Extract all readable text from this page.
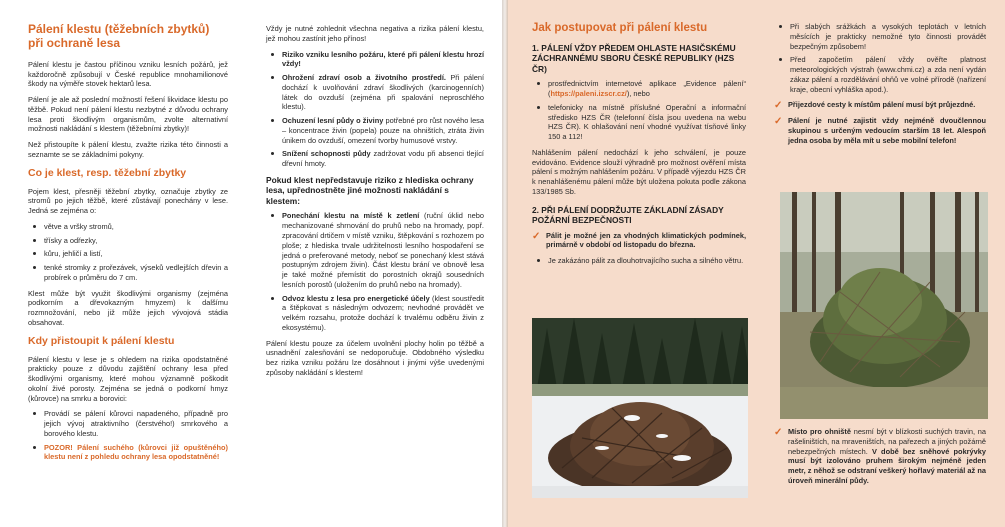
Pálení klestu (těžebních zbytků) při ochraně lesa

Pálení klestu je častou příčinou vzniku lesních požárů, jež každoročně způsobují v České republice mnohamilionové škody na výměře stovek hektarů lesa.

Pálení je ale až poslední možností řešení likvidace klestu po těžbě. Pokud není pálení klestu nezbytné z důvodu ochrany lesa proti škodlivým organismům, zvolte alternativní možnosti nakládání s klestem (těžebními zbytky)!

Než přistoupíte k pálení klestu, zvažte rizika této činnosti a seznamte se se základními pokyny.

Co je klest, resp. těžební zbytky

Pojem klest, přesněji těžební zbytky, označuje zbytky ze stromů po jejich těžbě, které zůstávají ponechány v lese. Jedná se zejména o:

větve a vršky stromů,
třísky a odřezky,
kůru, jehličí a listí,
tenké stromky z prořezávek, výseků vedlejších dřevin a probírek o průměru do 7 cm.

Klest může být využit škodlivými organismy (zejména podkorním a dřevokazným hmyzem) k dalšímu rozmnožování, nebo již může jejich vývojová stádia obsahovat.

Kdy přistoupit k pálení klestu

Pálení klestu v lese je s ohledem na rizika opodstatněné prakticky pouze z důvodu zajištění ochrany lesa před škodlivými organismy, které mohou významně poškodit okolní živé porosty. Zejména se jedná o podkorní hmyz (kůrovce) na smrku a borovici:

Provádí se pálení kůrovci napadeného, případně pro jejich vývoj atraktivního (čerstvého!) smrkového a borového klestu.
POZOR! Pálení suchého (kůrovci již opuštěného) klestu není z pohledu ochrany lesa opodstatněné!

Vždy je nutné zohlednit všechna negativa a rizika pálení klestu, jež mohou zastínit jeho přínos!

Riziko vzniku lesního požáru, které při pálení klestu hrozí vždy!
Ohrožení zdraví osob a životního prostředí. Při pálení dochází k uvolňování zdraví škodlivých (karcinogenních) látek do ovzduší (zejména při spalování neproschlého klestu).
Ochuzení lesní půdy o živiny potřebné pro růst nového lesa – koncentrace živin (popela) pouze na ohništích, ztráta živin únikem do ovzduší, omezení tvorby humusové vrstvy.
Snížení schopnosti půdy zadržovat vodu při absenci tlející dřevní hmoty.
Pokud klest nepředstavuje riziko z hlediska ochrany lesa, upřednostněte jiné možnosti nakládání s klestem:
Ponechání klestu na místě k zetlení (ruční úklid nebo mechanizované shrnování do pruhů nebo na hromady, popř. zpracování drtičem v místě vzniku, štěpkování s rozhozem po ploše; z hlediska trvale udržitelnosti lesního hospodaření se jedná o preferované metody, neboť se ponechaný klest stává postupným zdrojem živin). Část klestu brání ve obnově lesa je také možné přemístit do porostních okrajů sousedních lesních porostů (uložením do pruhů nebo na hromady).
Odvoz klestu z lesa pro energetické účely (klest soustředit a štěpkovat s následným odvozem; nevhodné provádět ve velkém rozsahu, protože dochází k trvalému odběru živin z ekosystému).

Pálení klestu pouze za účelem uvolnění plochy holin po těžbě a usnadnění zalesňování se nedoporučuje. Obdobného výsledku bez rizika vzniku požáru lze dosáhnout i jinými výše uvedenými způsoby nakládání s klestem!

Jak postupovat při pálení klestu
1. PÁLENÍ VŽDY PŘEDEM OHLASTE HASIČSKÉMU ZÁCHRANNÉMU SBORU ČESKÉ REPUBLIKY (HZS ČR)
prostřednictvím internetové aplikace „Evidence pálení“ (https://paleni.izscr.cz/), nebo
telefonicky na místně příslušné Operační a informační středisko HZS ČR (telefonní čísla jsou uvedena na webu HZS ČR). K ohlašování není vhodné využívat tísňové linky 150 a 112!

Nahlášením pálení nedochází k jeho schválení, je pouze evidováno. Evidence slouží výhradně pro možnost ověření místa pálení s možným nahlášením požáru. V případě výjezdu HZS ČR k nenahlášenému pálení může být uložena pokuta podle zákona 133/1985 Sb.

2. PŘI PÁLENÍ DODRŽUJTE ZÁKLADNÍ ZÁSADY POŽÁRNÍ BEZPEČNOSTI
✓ Pálit je možné jen za vhodných klimatických podmínek, primárně v období od listopadu do března.
Je zakázáno pálit za dlouhotrvajícího sucha a silného větru.
Při slabých srážkách a vysokých teplotách v letních měsících je prakticky nemožné tyto činnosti provádět bezpečným způsobem!
Před započetím pálení vždy ověřte platnost meteorologických výstrah (www.chmi.cz) a zda není vydán zákaz pálení a rozdělávání ohňů ve volné přírodě (nařízení kraje, obecní vyhláška apod.).
✓ Přijezdové cesty k místům pálení musí být průjezdné.
✓ Pálení je nutné zajistit vždy nejméně dvoučlennou skupinou s určeným vedoucím starším 18 let. Alespoň jedna osoba by měla mít u sebe mobilní telefon!
✓ Místo pro ohniště nesmí být v blízkosti suchých travin, na rašeliništích, na mraveništích, na pařezech a jiných požárně nebezpečných místech. V době bez sněhové pokrývky musí být izolováno pruhem širokým nejméně jeden metr, z něhož se odstraní veškerý hořlavý materiál až na úroveň minerální půdy.
